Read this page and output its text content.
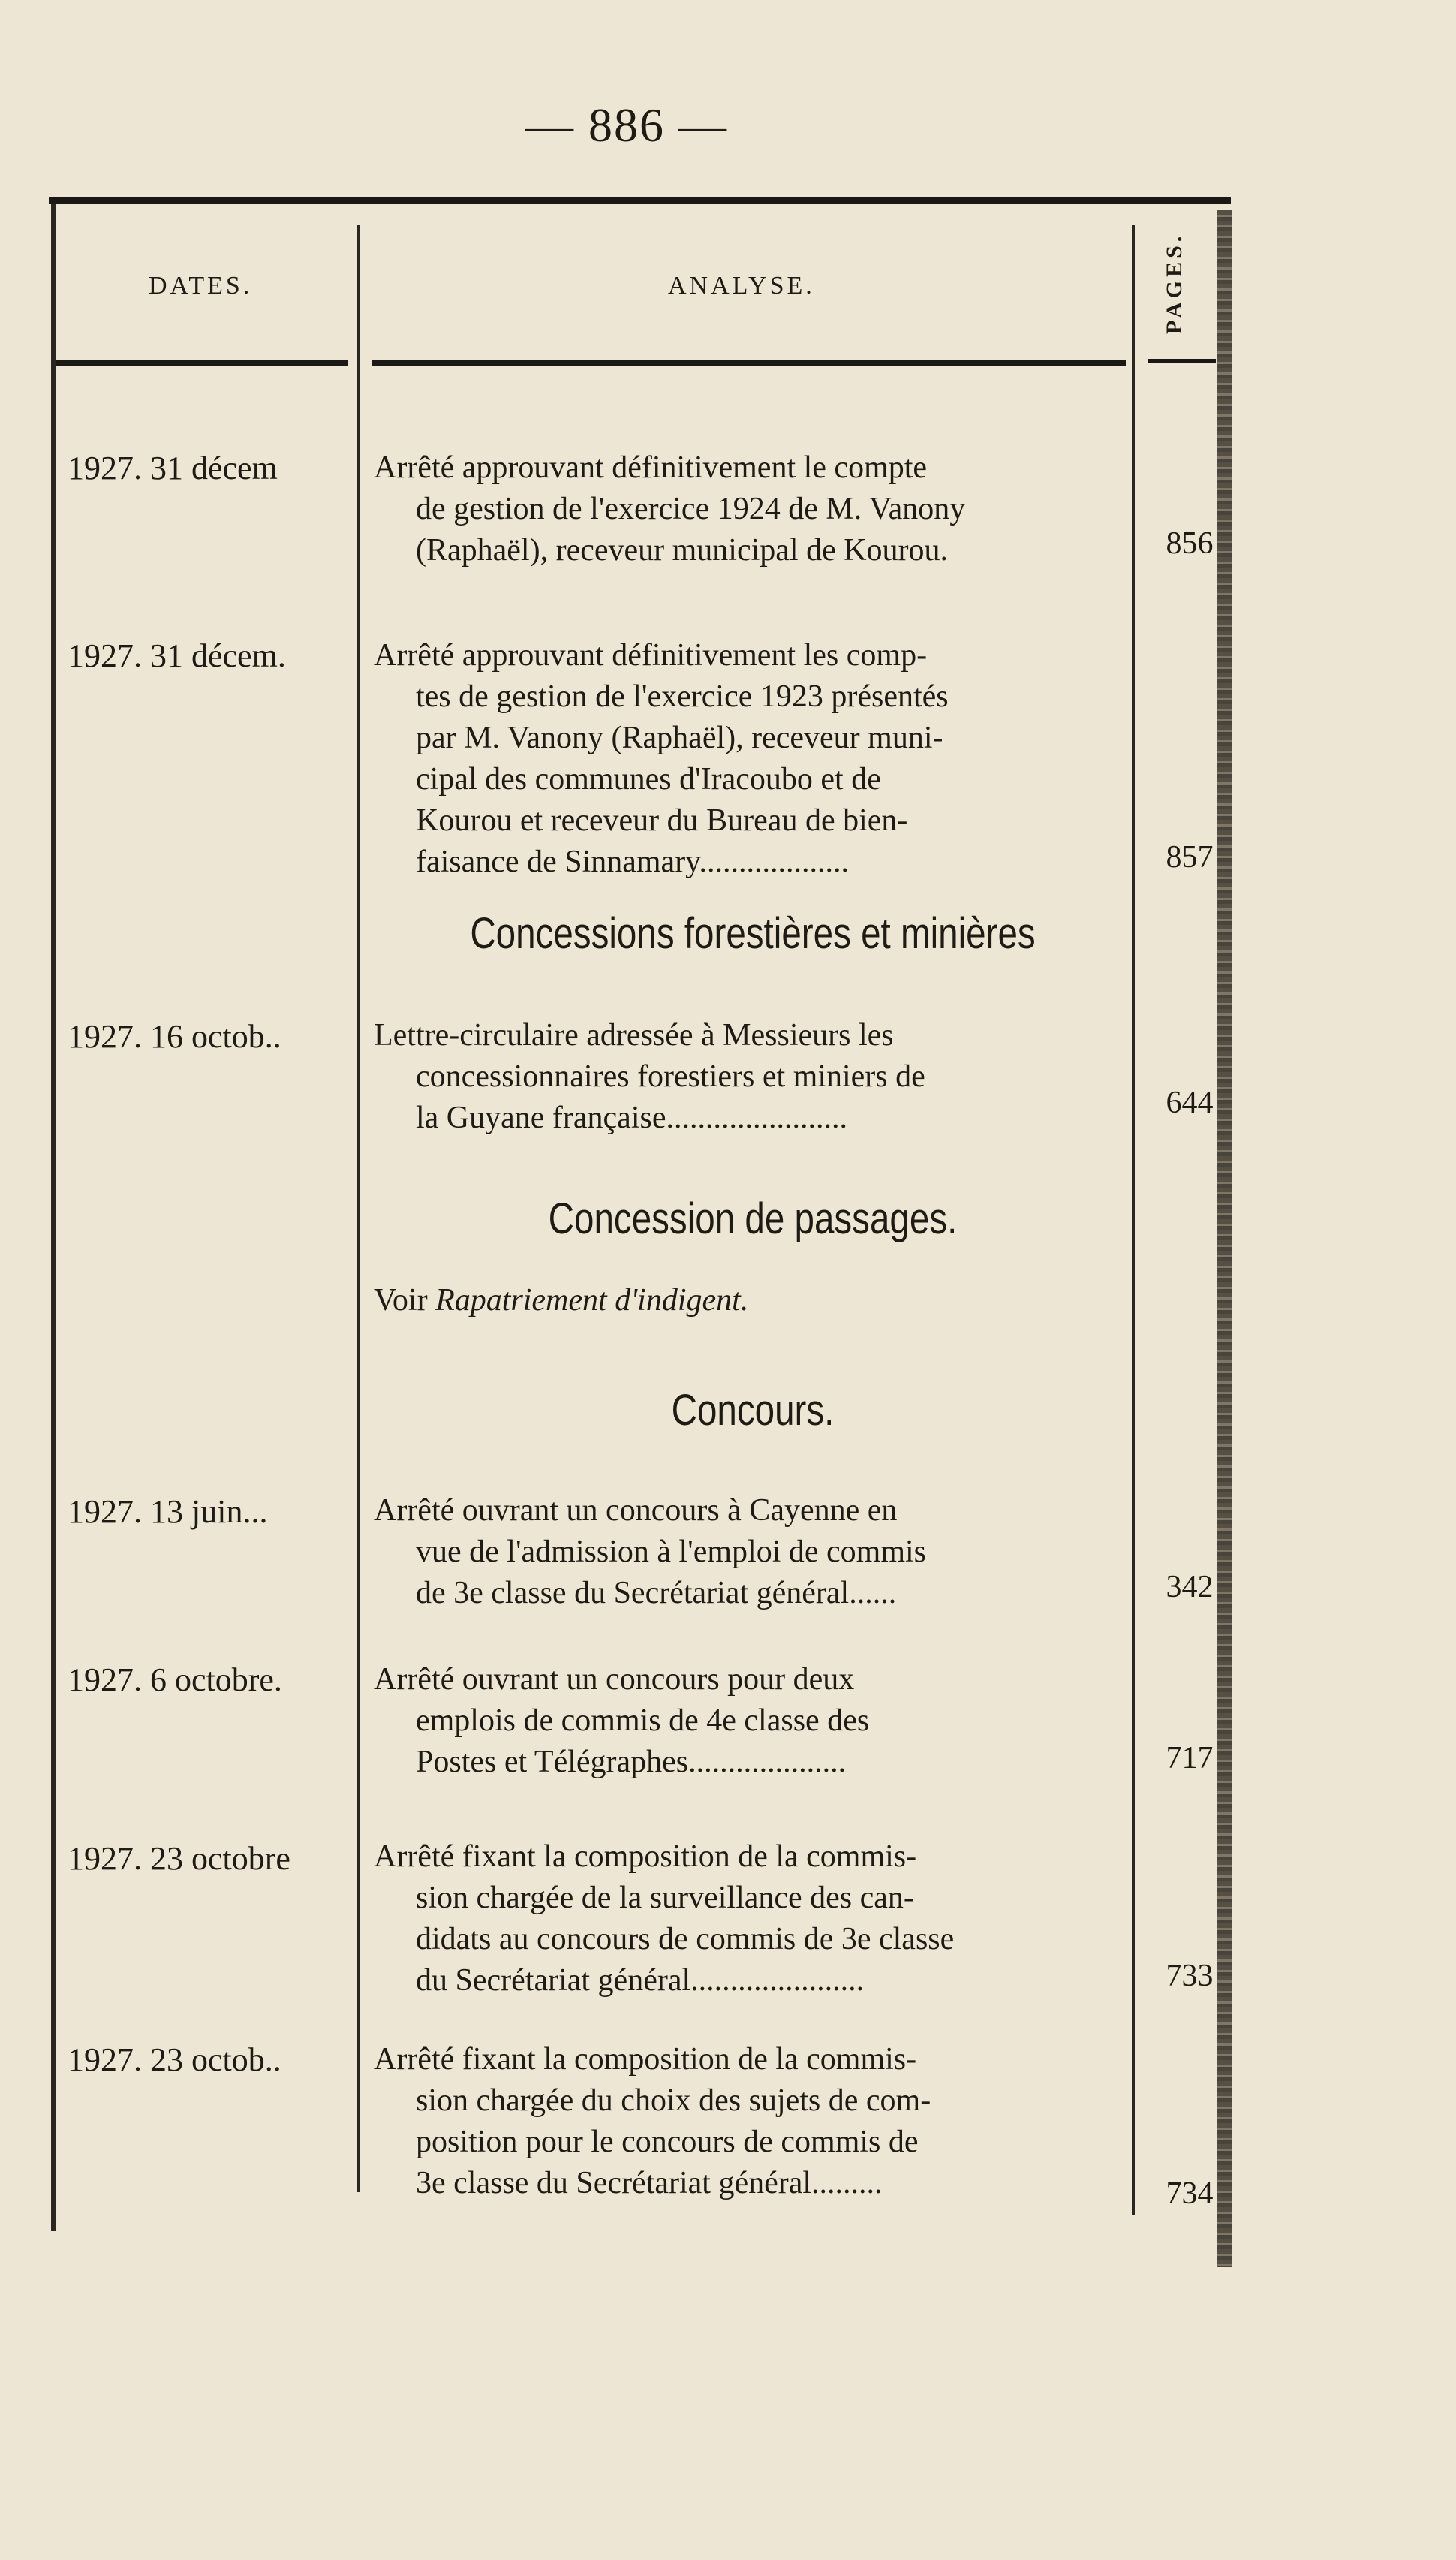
— 886 —
DATES.	ANALYSE.	PAGES.
1927. 31 décem	Arrêté approuvant définitivement le compte
de gestion de l'exercice 1924 de M. Vanony
(Raphaël), receveur municipal de Kourou.	856
1927. 31 décem.	Arrêté approuvant définitivement les comp-
tes de gestion de l'exercice 1923 présentés
par M. Vanony (Raphaël), receveur muni-
cipal des communes d'Iracoubo et de
Kourou et receveur du Bureau de bien-
faisance de Sinnamary...................	857
Concessions forestières et minières
1927. 16 octob..	Lettre-circulaire adressée à Messieurs les
concessionnaires forestiers et miniers de
la Guyane française.......................	644
Concession de passages.
Voir Rapatriement d'indigent.
Concours.
1927. 13 juin...	Arrêté ouvrant un concours à Cayenne en
vue de l'admission à l'emploi de commis
de 3e classe du Secrétariat général......	342
1927. 6 octobre.	Arrêté ouvrant un concours pour deux
emplois de commis de 4e classe des
Postes et Télégraphes....................	717
1927. 23 octobre	Arrêté fixant la composition de la commis-
sion chargée de la surveillance des can-
didats au concours de commis de 3e classe
du Secrétariat général......................	733
1927. 23 octob..	Arrêté fixant la composition de la commis-
sion chargée du choix des sujets de com-
position pour le concours de commis de
3e classe du Secrétariat général.........	734
